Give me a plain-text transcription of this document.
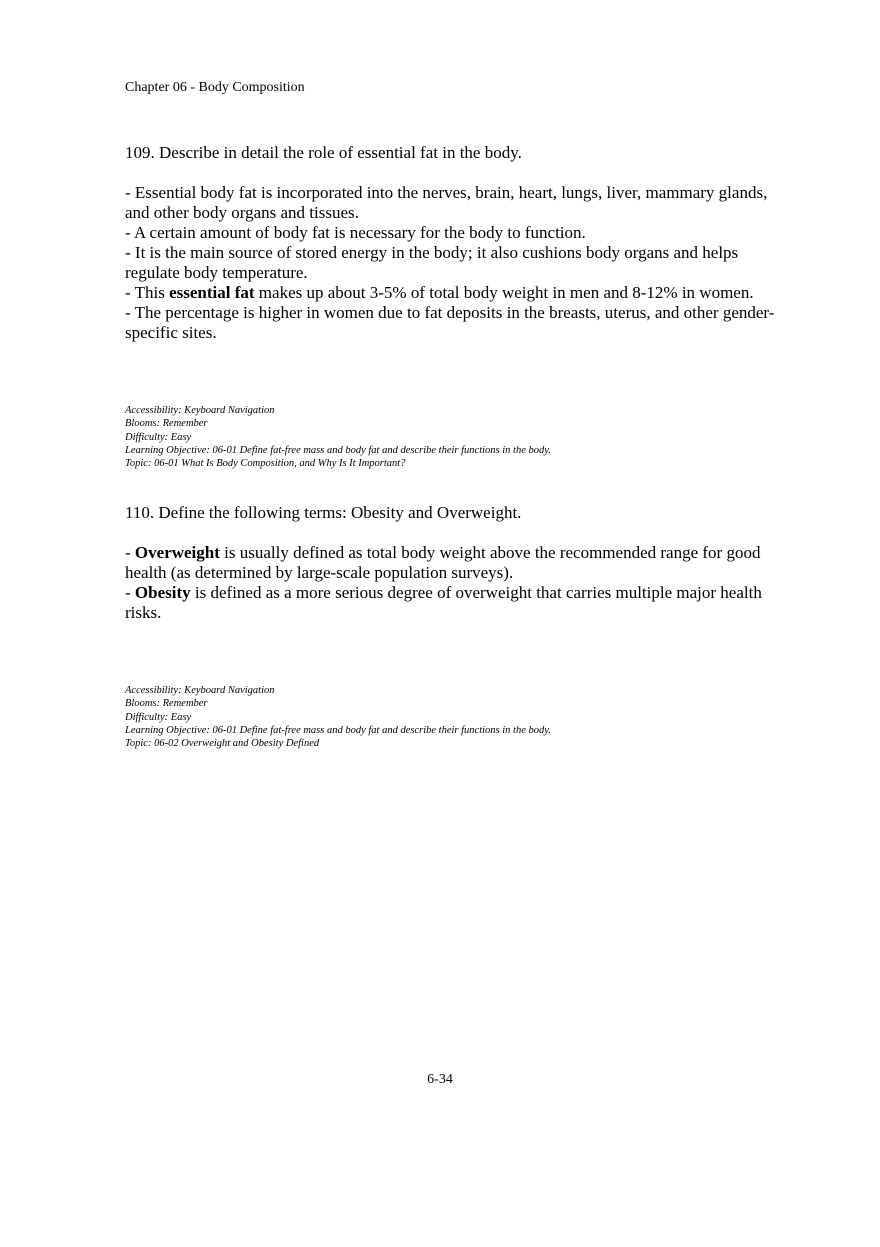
Chapter 06 - Body Composition

109. Describe in detail the role of essential fat in the body.

- Essential body fat is incorporated into the nerves, brain, heart, lungs, liver, mammary glands, and other body organs and tissues.

- A certain amount of body fat is necessary for the body to function.

- It is the main source of stored energy in the body; it also cushions body organs and helps regulate body temperature.

- This essential fat makes up about 3-5% of total body weight in men and 8-12% in women.

- The percentage is higher in women due to fat deposits in the breasts, uterus, and other gender-specific sites.

Accessibility: Keyboard Navigation

Blooms: Remember

Difficulty: Easy

Learning Objective: 06-01 Define fat-free mass and body fat and describe their functions in the body.

Topic: 06-01 What Is Body Composition, and Why Is It Important?

110. Define the following terms: Obesity and Overweight.

- Overweight is usually defined as total body weight above the recommended range for good health (as determined by large-scale population surveys).

- Obesity is defined as a more serious degree of overweight that carries multiple major health risks.

Accessibility: Keyboard Navigation

Blooms: Remember

Difficulty: Easy

Learning Objective: 06-01 Define fat-free mass and body fat and describe their functions in the body.

Topic: 06-02 Overweight and Obesity Defined

6-34
